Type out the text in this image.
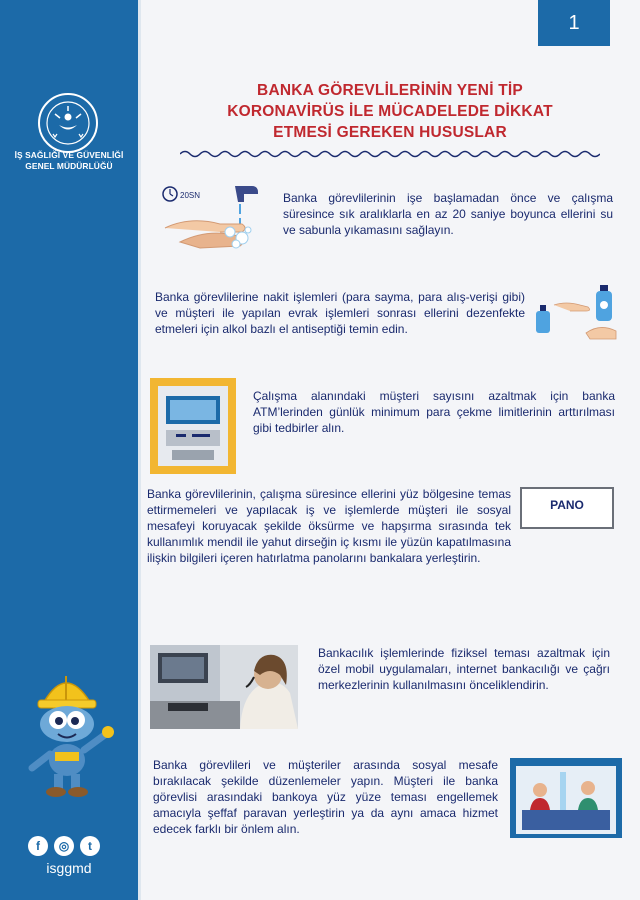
İŞ SAĞLIĞI VE GÜVENLİĞİ
GENEL MÜDÜRLÜĞÜ
f	◎	t
isggmd
1
BANKA GÖREVLİLERİNİN YENİ TİP
KORONAVİRÜS İLE MÜCADELEDE DİKKAT
ETMESİ GEREKEN HUSUSLAR
20SN	Banka görevlilerinin işe başlamadan önce ve çalışma süresince sık aralıklarla en az 20 saniye boyunca ellerini su ve sabunla yıkamasını sağlayın.
Banka görevlilerine nakit işlemleri (para sayma, para alış-verişi gibi) ve müşteri ile yapılan evrak işlemleri sonrası ellerini dezenfekte etmeleri için alkol bazlı el antiseptiği temin edin.
Çalışma alanındaki müşteri sayısını azaltmak için banka ATM’lerinden günlük minimum para çekme limitlerinin arttırılması gibi tedbirler alın.
Banka görevlilerinin, çalışma süresince ellerini yüz bölgesine temas ettirmemeleri ve yapılacak iş ve işlemlerde müşteri ile sosyal mesafeyi koruyacak şekilde öksürme ve hapşırma sırasında tek kullanımlık mendil ile yahut dirseğin iç kısmı ile yüzün kapatılmasına ilişkin bilgileri içeren hatırlatma panolarını bankalara yerleştirin.
PANO
Bankacılık işlemlerinde fiziksel teması azaltmak için özel mobil uygulamaları, internet bankacılığı ve çağrı merkezlerinin kullanılmasını önceliklendirin.
Banka görevlileri ve müşteriler arasında sosyal mesafe bırakılacak şekilde düzenlemeler yapın. Müşteri ile banka görevlisi arasındaki bankoya yüz yüze teması engellemek amacıyla şeffaf paravan yerleştirin ya da aynı amaca hizmet edecek farklı bir önlem alın.
